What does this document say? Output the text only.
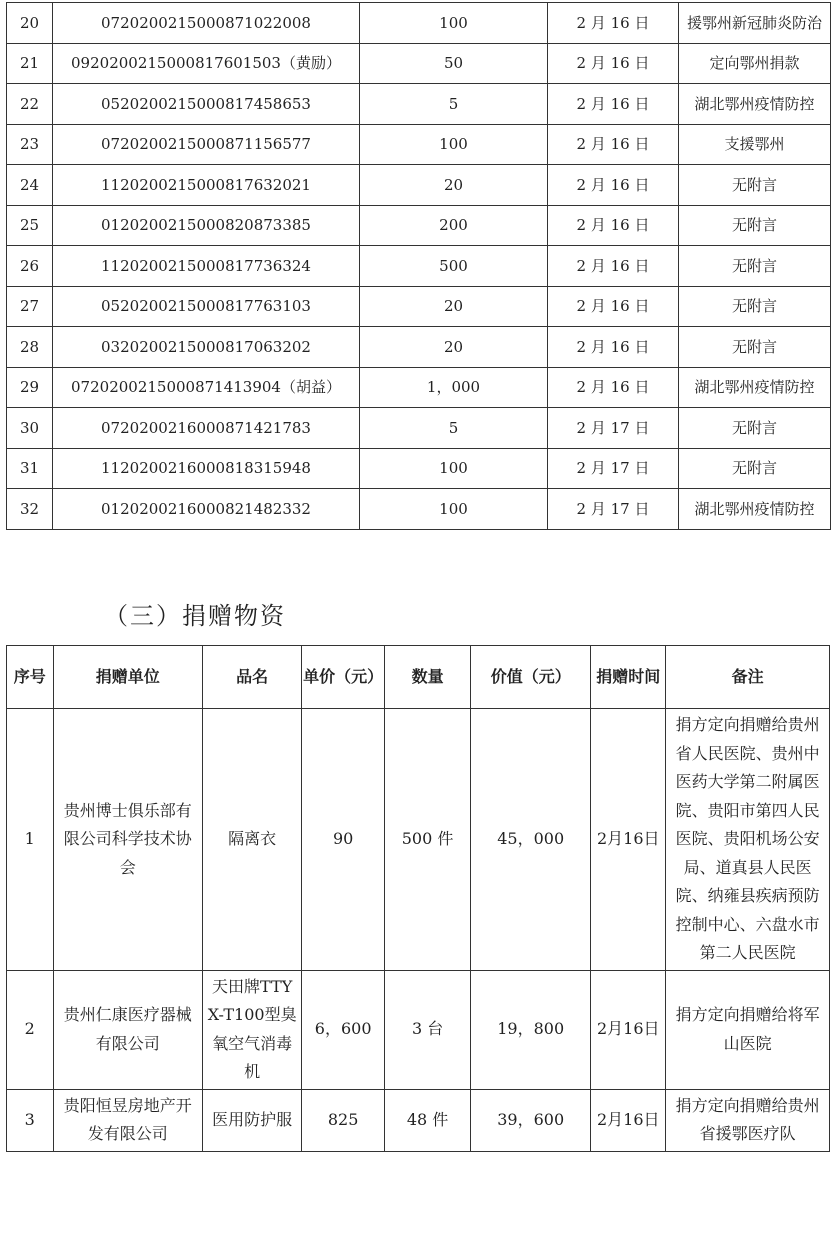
20	0720200215000871022008	100	2 月 16 日	援鄂州新冠肺炎防治
21	0920200215000817601503（黄励）	50	2 月 16 日	定向鄂州捐款
22	0520200215000817458653	5	2 月 16 日	湖北鄂州疫情防控
23	0720200215000871156577	100	2 月 16 日	支援鄂州
24	1120200215000817632021	20	2 月 16 日	无附言
25	0120200215000820873385	200	2 月 16 日	无附言
26	1120200215000817736324	500	2 月 16 日	无附言
27	0520200215000817763103	20	2 月 16 日	无附言
28	0320200215000817063202	20	2 月 16 日	无附言
29	0720200215000871413904（胡益）	1，000	2 月 16 日	湖北鄂州疫情防控
30	0720200216000871421783	5	2 月 17 日	无附言
31	1120200216000818315948	100	2 月 17 日	无附言
32	0120200216000821482332	100	2 月 17 日	湖北鄂州疫情防控
（三）捐赠物资
序号	捐赠单位	品名	单价（元）	数量	价值（元）	捐赠时间	备注
1	贵州博士俱乐部有限公司科学技术协会	隔离衣	90	500 件	45，000	2月16日	捐方定向捐赠给贵州省人民医院、贵州中医药大学第二附属医院、贵阳市第四人民医院、贵阳机场公安局、道真县人民医院、纳雍县疾病预防控制中心、六盘水市第二人民医院
2	贵州仁康医疗器械有限公司	天田牌TTYX-T100型臭氧空气消毒机	6，600	3 台	19，800	2月16日	捐方定向捐赠给将军山医院
3	贵阳恒昱房地产开发有限公司	医用防护服	825	48 件	39，600	2月16日	捐方定向捐赠给贵州省援鄂医疗队
